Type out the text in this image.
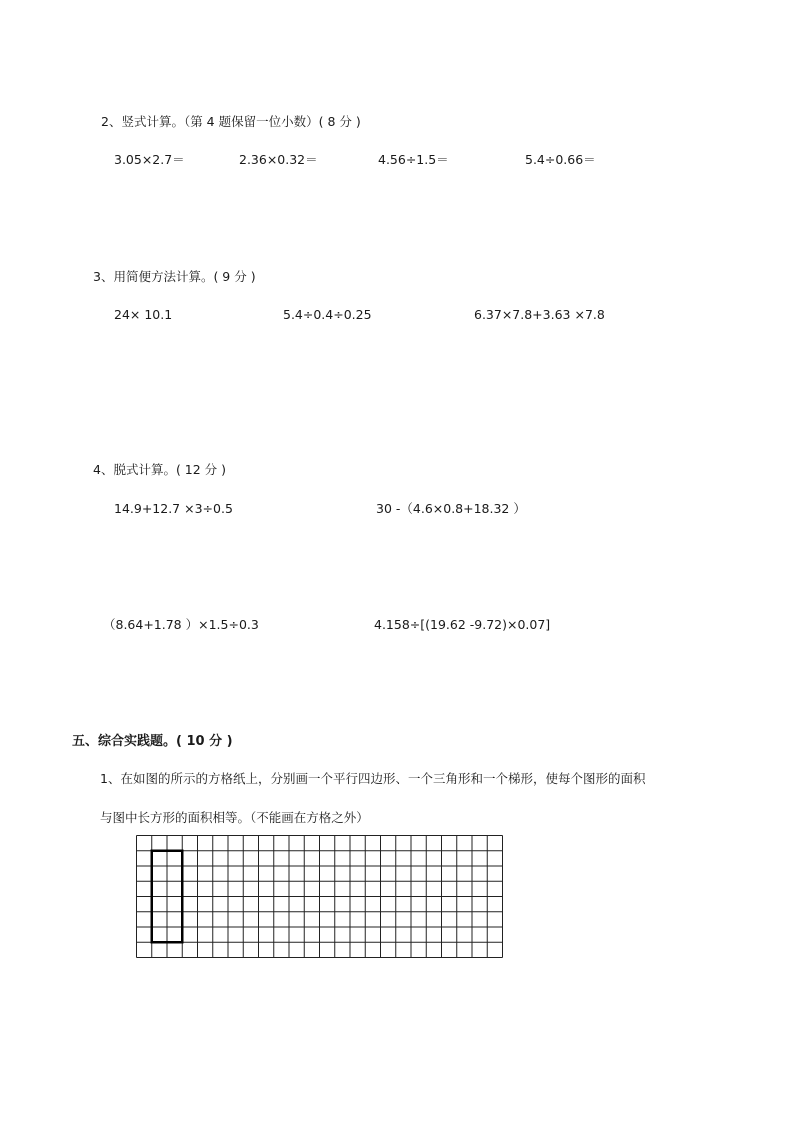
2、竖式计算。（第 4 题保留一位小数）( 8 分 )
3.05×2.7＝	2.36×0.32＝	4.56÷1.5＝	5.4÷0.66＝
3、用简便方法计算。( 9 分 )
24× 10.1	5.4÷0.4÷0.25	6.37×7.8+3.63 ×7.8
4、脱式计算。( 12 分 )
14.9+12.7 ×3÷0.5	30 -（4.6×0.8+18.32 ）
（8.64+1.78 ）×1.5÷0.3	4.158÷[(19.62 -9.72)×0.07]
五、综合实践题。( 10 分 )
1、在如图的所示的方格纸上，分别画一个平行四边形、一个三角形和一个梯形，使每个图形的面积
与图中长方形的面积相等。（不能画在方格之外）
